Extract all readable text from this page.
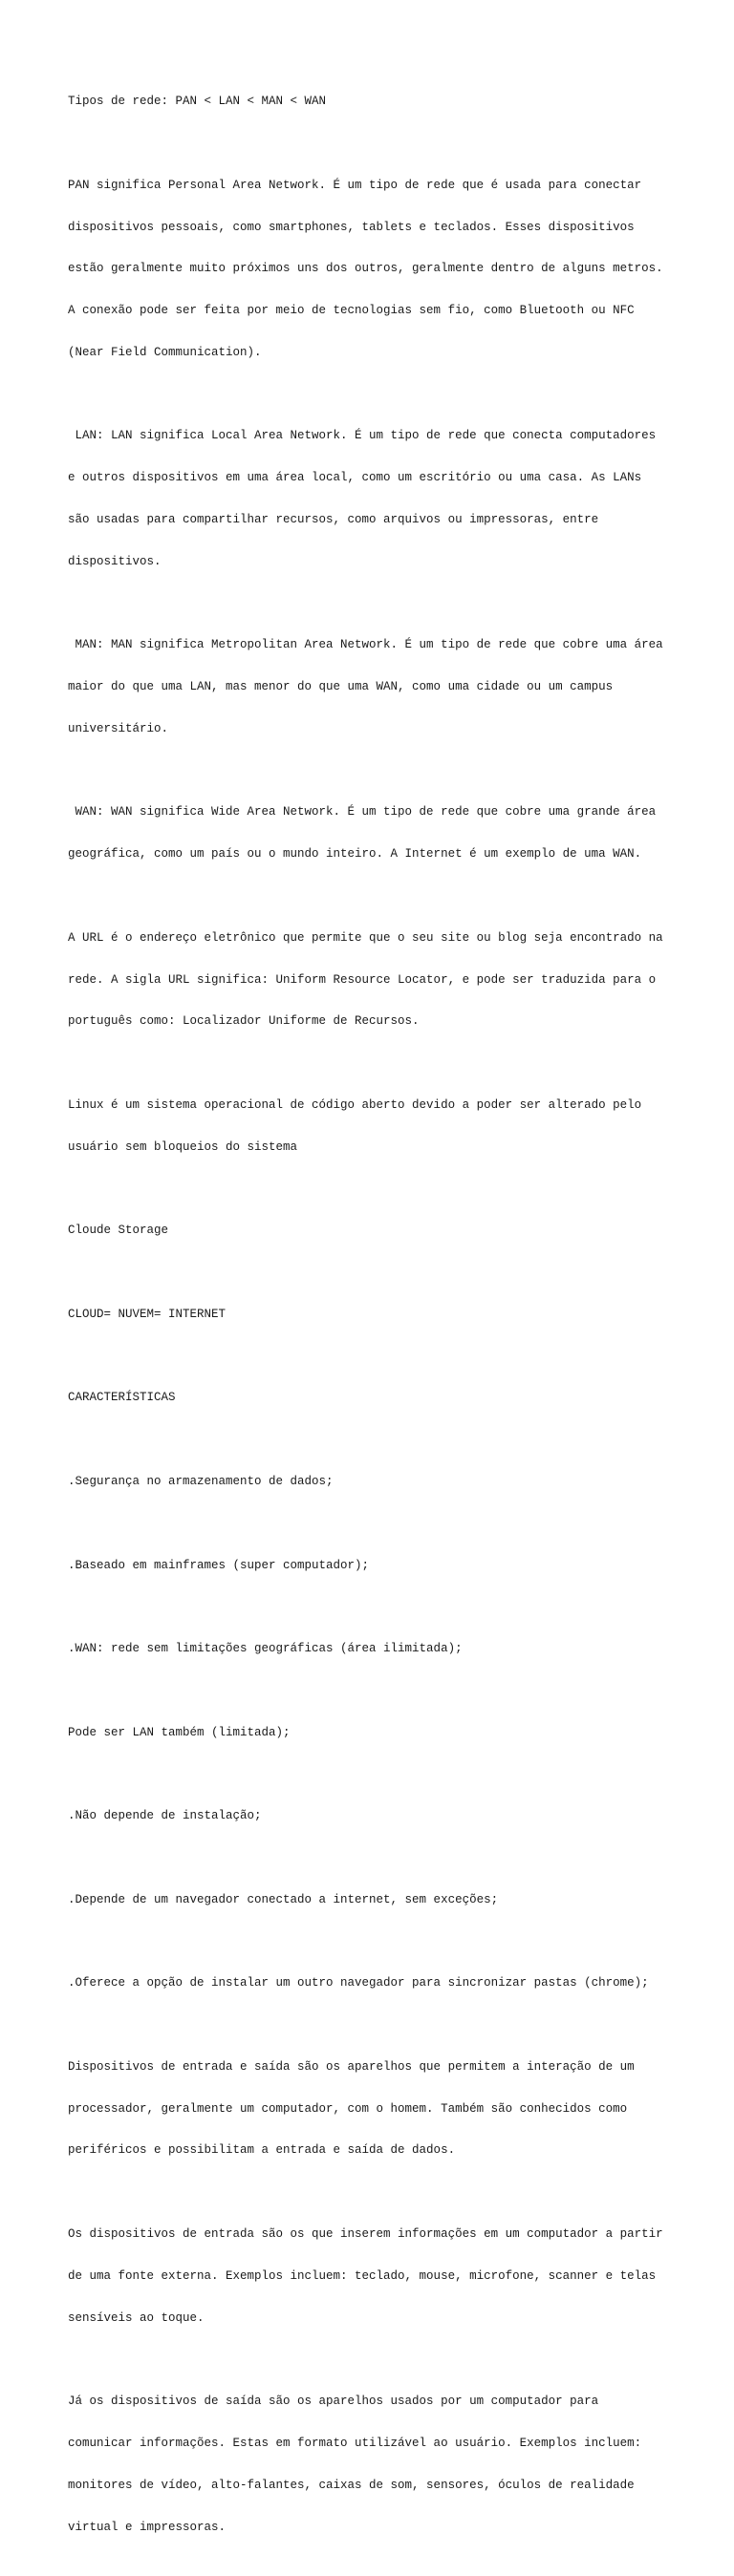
Tipos de rede: PAN < LAN < MAN < WAN

PAN significa Personal Area Network. É um tipo de rede que é usada para conectar

dispositivos pessoais, como smartphones, tablets e teclados. Esses dispositivos

estão geralmente muito próximos uns dos outros, geralmente dentro de alguns metros.

A conexão pode ser feita por meio de tecnologias sem fio, como Bluetooth ou NFC

(Near Field Communication).

LAN: LAN significa Local Area Network. É um tipo de rede que conecta computadores

e outros dispositivos em uma área local, como um escritório ou uma casa. As LANs

são usadas para compartilhar recursos, como arquivos ou impressoras, entre

dispositivos.

MAN: MAN significa Metropolitan Area Network. É um tipo de rede que cobre uma área

maior do que uma LAN, mas menor do que uma WAN, como uma cidade ou um campus

universitário.

WAN: WAN significa Wide Area Network. É um tipo de rede que cobre uma grande área

geográfica, como um país ou o mundo inteiro. A Internet é um exemplo de uma WAN.

A URL é o endereço eletrônico que permite que o seu site ou blog seja encontrado na

rede. A sigla URL significa: Uniform Resource Locator, e pode ser traduzida para o

português como: Localizador Uniforme de Recursos.

Linux é um sistema operacional de código aberto devido a poder ser alterado pelo

usuário sem bloqueios do sistema

Cloude Storage

CLOUD= NUVEM= INTERNET

CARACTERÍSTICAS

.Segurança no armazenamento de dados;

.Baseado em mainframes (super computador);

.WAN: rede sem limitações geográficas (área ilimitada);

Pode ser LAN também (limitada);

.Não depende de instalação;

.Depende de um navegador conectado a internet, sem exceções;

.Oferece a opção de instalar um outro navegador para sincronizar pastas (chrome);

Dispositivos de entrada e saída são os aparelhos que permitem a interação de um

processador, geralmente um computador, com o homem. Também são conhecidos como

periféricos e possibilitam a entrada e saída de dados.

Os dispositivos de entrada são os que inserem informações em um computador a partir

de uma fonte externa. Exemplos incluem: teclado, mouse, microfone, scanner e telas

sensíveis ao toque.

Já os dispositivos de saída são os aparelhos usados por um computador para

comunicar informações. Estas em formato utilizável ao usuário. Exemplos incluem:

monitores de vídeo, alto-falantes, caixas de som, sensores, óculos de realidade

virtual e impressoras.
